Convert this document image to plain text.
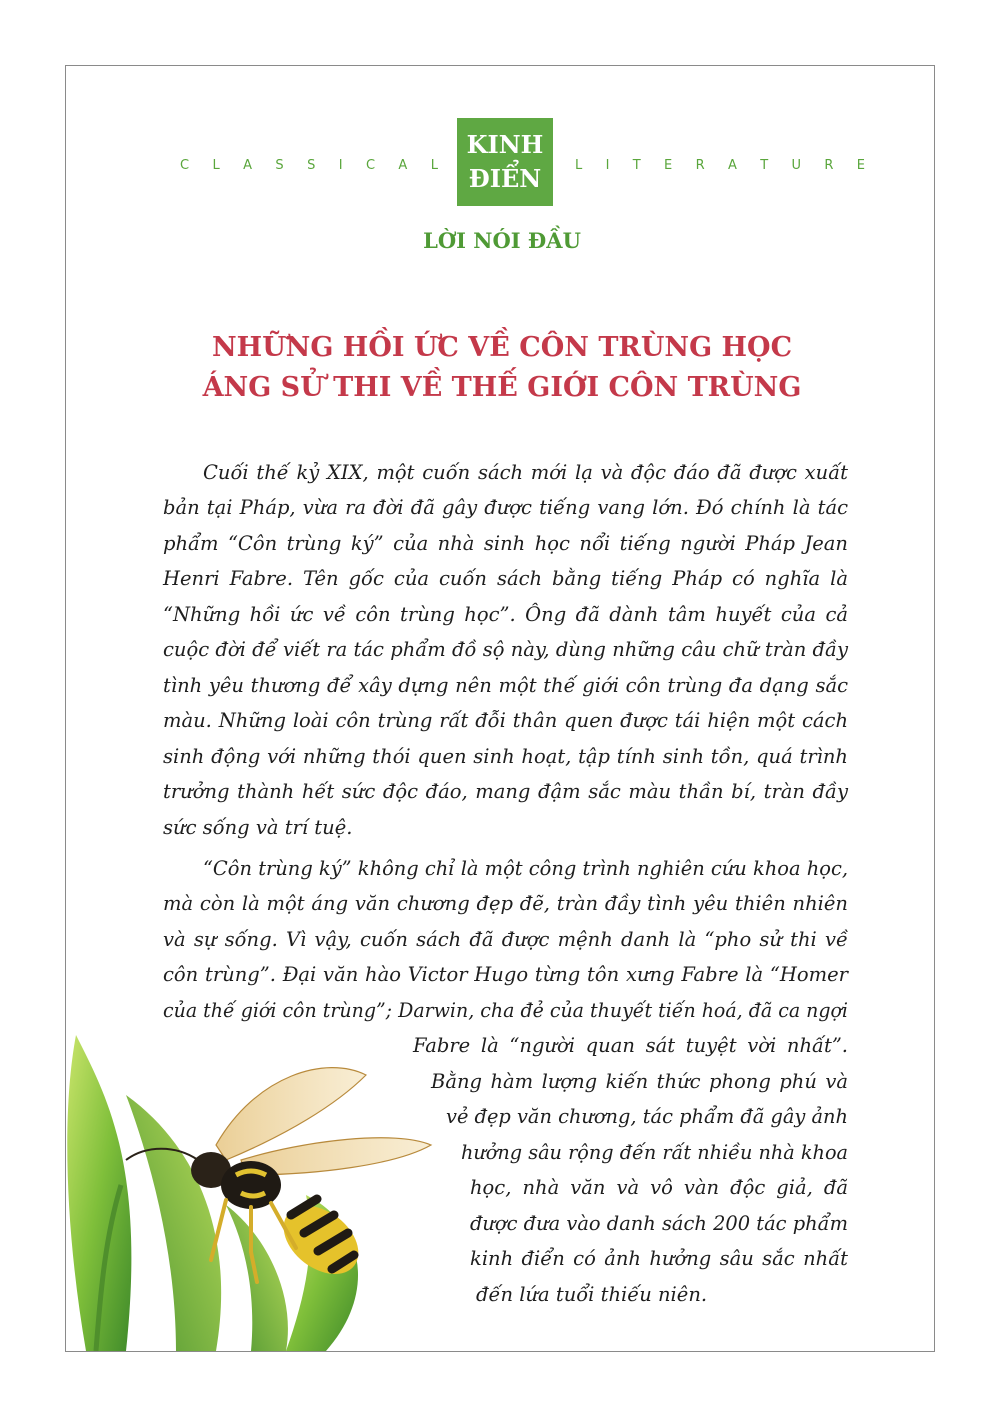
C L A S S I C A L
KINH
ĐIỂN	L I T E R A T U R E
LỜI NÓI ĐẦU
NHỮNG HỒI ỨC VỀ CÔN TRÙNG HỌC
ÁNG SỬ THI VỀ THẾ GIỚI CÔN TRÙNG
Cuối thế kỷ XIX, một cuốn sách mới lạ và độc đáo đã được xuất
bản tại Pháp, vừa ra đời đã gây được tiếng vang lớn. Đó chính là tác
phẩm “Côn trùng ký” của nhà sinh học nổi tiếng người Pháp Jean
Henri Fabre. Tên gốc của cuốn sách bằng tiếng Pháp có nghĩa là
“Những hồi ức về côn trùng học”. Ông đã dành tâm huyết của cả
cuộc đời để viết ra tác phẩm đồ sộ này, dùng những câu chữ tràn đầy
tình yêu thương để xây dựng nên một thế giới côn trùng đa dạng sắc
màu. Những loài côn trùng rất đỗi thân quen được tái hiện một cách
sinh động với những thói quen sinh hoạt, tập tính sinh tồn, quá trình
trưởng thành hết sức độc đáo, mang đậm sắc màu thần bí, tràn đầy
sức sống và trí tuệ.
“Côn trùng ký” không chỉ là một công trình nghiên cứu khoa học,
mà còn là một áng văn chương đẹp đẽ, tràn đầy tình yêu thiên nhiên
và sự sống. Vì vậy, cuốn sách đã được mệnh danh là “pho sử thi về
côn trùng”. Đại văn hào Victor Hugo từng tôn xưng Fabre là “Homer
của thế giới côn trùng”; Darwin, cha đẻ của thuyết tiến hoá, đã ca ngợi
Fabre là “người quan sát tuyệt vời nhất”.
Bằng hàm lượng kiến thức phong phú và
vẻ đẹp văn chương, tác phẩm đã gây ảnh
hưởng sâu rộng đến rất nhiều nhà khoa
học, nhà văn và vô vàn độc giả, đã
được đưa vào danh sách 200 tác phẩm
kinh điển có ảnh hưởng sâu sắc nhất
đến lứa tuổi thiếu niên.
